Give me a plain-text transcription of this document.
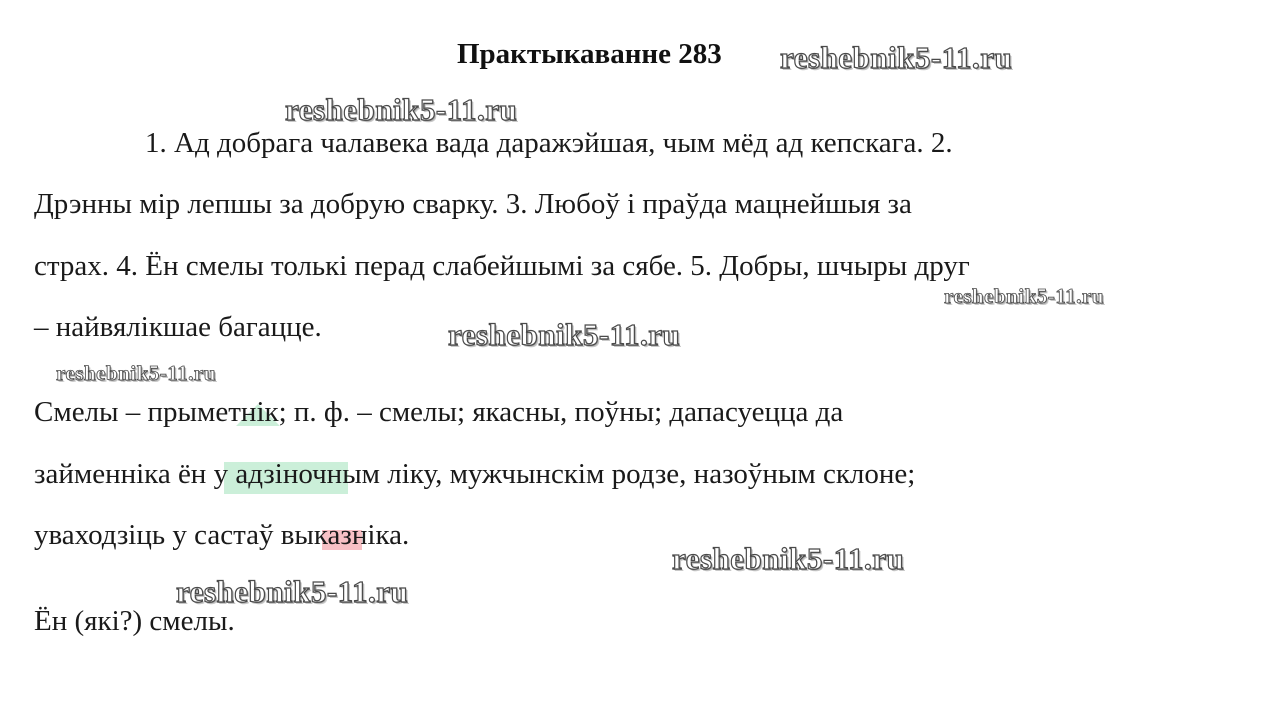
Практыкаванне 283
1. Ад добрага чалавека вада даражэйшая, чым мёд ад кепскага. 2.
Дрэнны мір лепшы за добрую сварку. 3. Любоў і праўда мацнейшыя за
страх. 4. Ён смелы толькі перад слабейшымі за сябе. 5. Добры, шчыры друг
– найвялікшае багацце.
Смелы – прыметнік; п. ф. – смелы; якасны, поўны; дапасуецца да
займенніка ён у адзіночным ліку, мужчынскім родзе, назоўным склоне;
уваходзіць у састаў выказніка.
Ён (які?) смелы.
reshebnik5-11.ru
reshebnik5-11.ru
reshebnik5-11.ru
reshebnik5-11.ru
reshebnik5-11.ru
reshebnik5-11.ru
reshebnik5-11.ru
